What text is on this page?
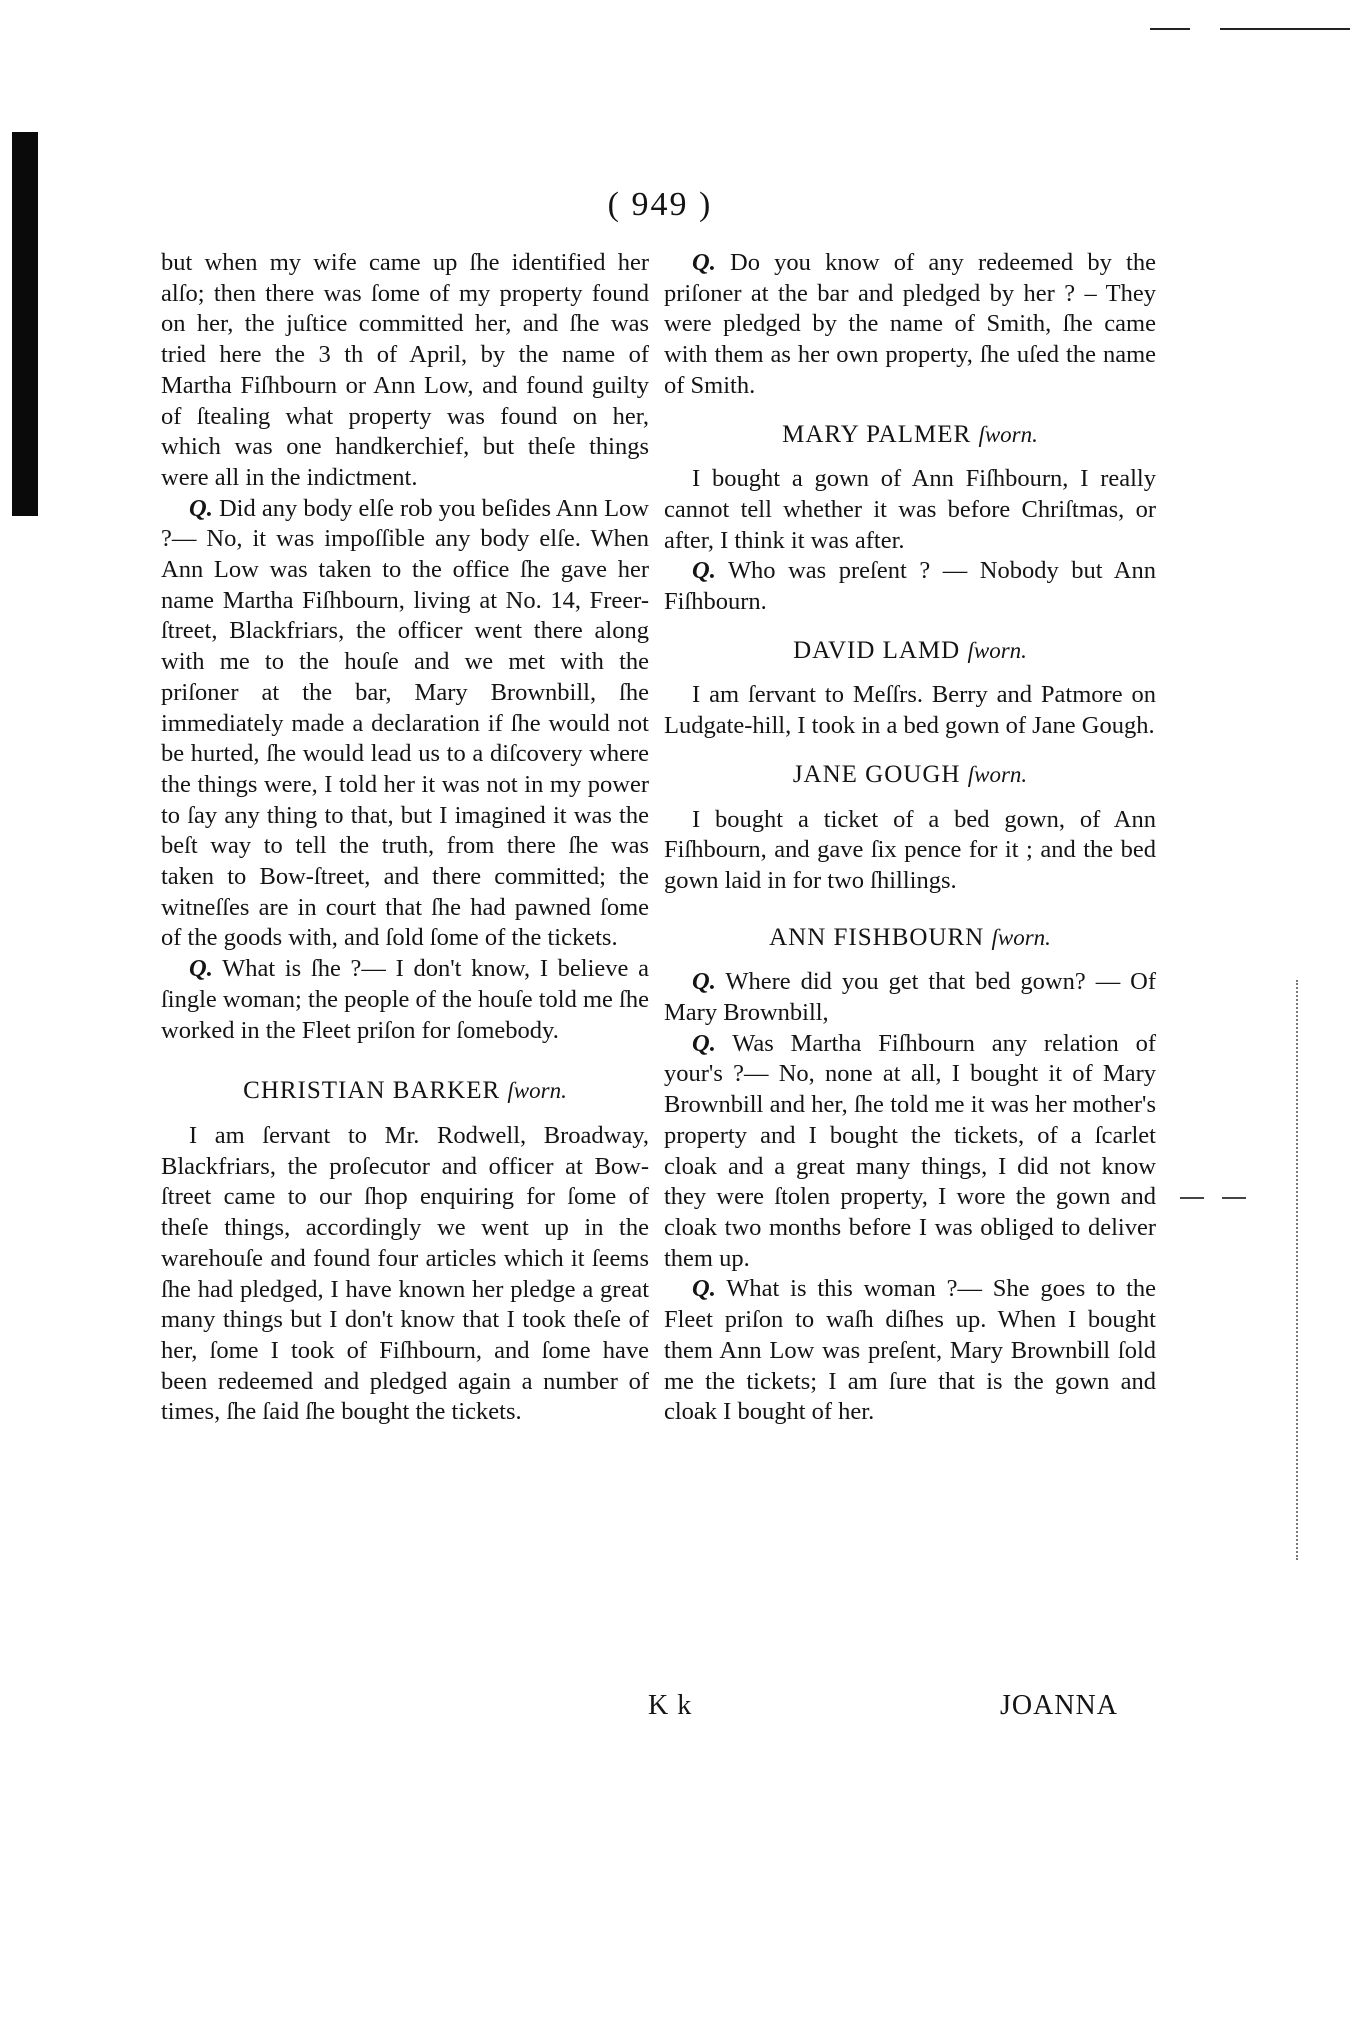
( 949 )

but when my wife came up ſhe identified her alſo; then there was ſome of my property found on her, the juſtice committed her, and ſhe was tried here the 3 th of April, by the name of Martha Fiſhbourn or Ann Low, and found guilty of ſtealing what property was found on her, which was one handkerchief, but theſe things were all in the indictment.

Q. Did any body elſe rob you beſides Ann Low ?— No, it was impoſſible any body elſe. When Ann Low was taken to the office ſhe gave her name Martha Fiſhbourn, living at No. 14, Freer-ſtreet, Blackfriars, the officer went there along with me to the houſe and we met with the priſoner at the bar, Mary Brownbill, ſhe immediately made a declaration if ſhe would not be hurted, ſhe would lead us to a diſcovery where the things were, I told her it was not in my power to ſay any thing to that, but I imagined it was the beſt way to tell the truth, from there ſhe was taken to Bow-ſtreet, and there committed; the witneſſes are in court that ſhe had pawned ſome of the goods with, and ſold ſome of the tickets.

Q. What is ſhe ?— I don't know, I believe a ſingle woman; the people of the houſe told me ſhe worked in the Fleet priſon for ſomebody.

CHRISTIAN BARKER ſworn.

I am ſervant to Mr. Rodwell, Broadway, Blackfriars, the proſecutor and officer at Bow-ſtreet came to our ſhop enquiring for ſome of theſe things, accordingly we went up in the warehouſe and found four articles which it ſeems ſhe had pledged, I have known her pledge a great many things but I don't know that I took theſe of her, ſome I took of Fiſhbourn, and ſome have been redeemed and pledged again a number of times, ſhe ſaid ſhe bought the tickets.

Q. Do you know of any redeemed by the priſoner at the bar and pledged by her ? – They were pledged by the name of Smith, ſhe came with them as her own property, ſhe uſed the name of Smith.

MARY PALMER ſworn.

I bought a gown of Ann Fiſhbourn, I really cannot tell whether it was before Chriſtmas, or after, I think it was after.

Q. Who was preſent ? — Nobody but Ann Fiſhbourn.

DAVID LAMD ſworn.

I am ſervant to Meſſrs. Berry and Patmore on Ludgate-hill, I took in a bed gown of Jane Gough.

JANE GOUGH ſworn.

I bought a ticket of a bed gown, of Ann Fiſhbourn, and gave ſix pence for it ; and the bed gown laid in for two ſhillings.

ANN FISHBOURN ſworn.

Q. Where did you get that bed gown? — Of Mary Brownbill,

Q. Was Martha Fiſhbourn any relation of your's ?— No, none at all, I bought it of Mary Brownbill and her, ſhe told me it was her mother's property and I bought the tickets, of a ſcarlet cloak and a great many things, I did not know they were ſtolen property, I wore the gown and cloak two months before I was obliged to deliver them up.

Q. What is this woman ?— She goes to the Fleet priſon to waſh diſhes up. When I bought them Ann Low was preſent, Mary Brownbill ſold me the tickets; I am ſure that is the gown and cloak I bought of her.

K k	JOANNA
